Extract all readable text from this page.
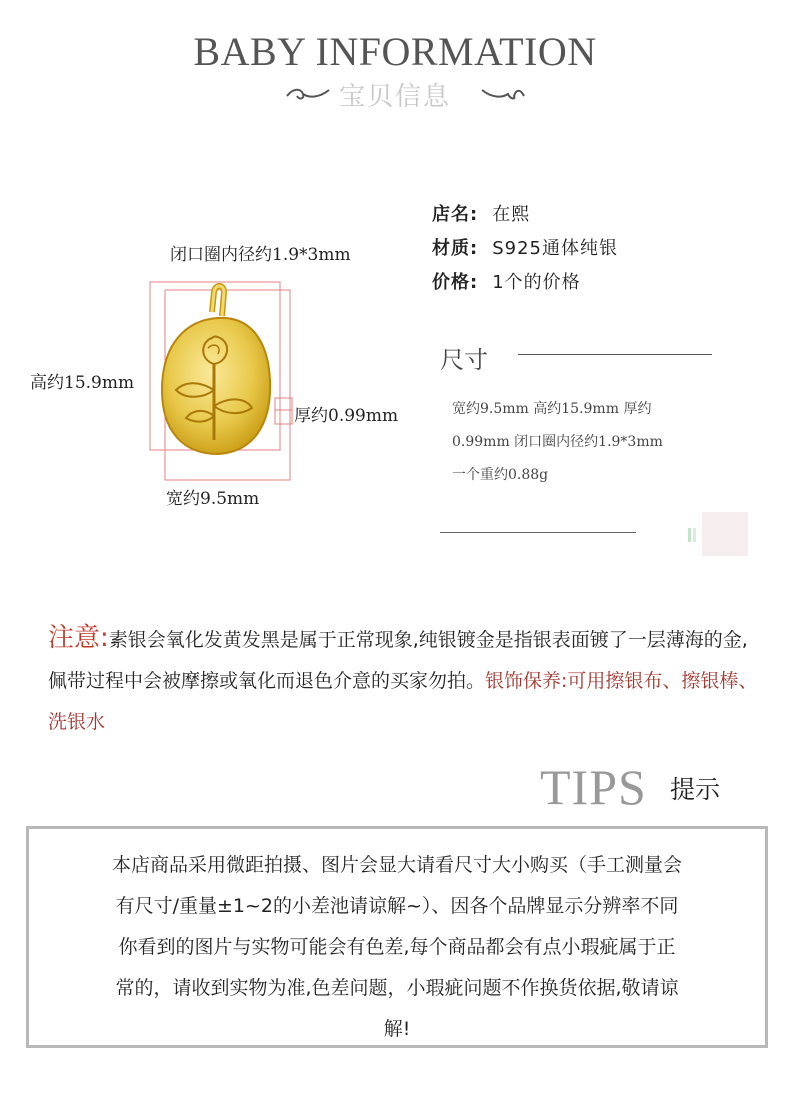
BABY INFORMATION
宝贝信息
闭口圈内径约1.9*3mm
高约15.9mm
厚约0.99mm
宽约9.5mm
店名: 在熙
材质: S925通体纯银
价格: 1个的价格
尺寸
宽约9.5mm 高约15.9mm 厚约
0.99mm 闭口圈内径约1.9*3mm
一个重约0.88g
注意:素银会氧化发黄发黑是属于正常现象,纯银镀金是指银表面镀了一层薄海的金,佩带过程中会被摩擦或氧化而退色介意的买家勿拍。银饰保养:可用擦银布、擦银棒、洗银水
TIPS 提示
本店商品采用微距拍摄、图片会显大请看尺寸大小购买（手工测量会
有尺寸/重量±1~2的小差池请谅解~）、因各个品牌显示分辨率不同
你看到的图片与实物可能会有色差,每个商品都会有点小瑕疵属于正
常的，请收到实物为准,色差问题，小瑕疵问题不作换货依据,敬请谅
解!
